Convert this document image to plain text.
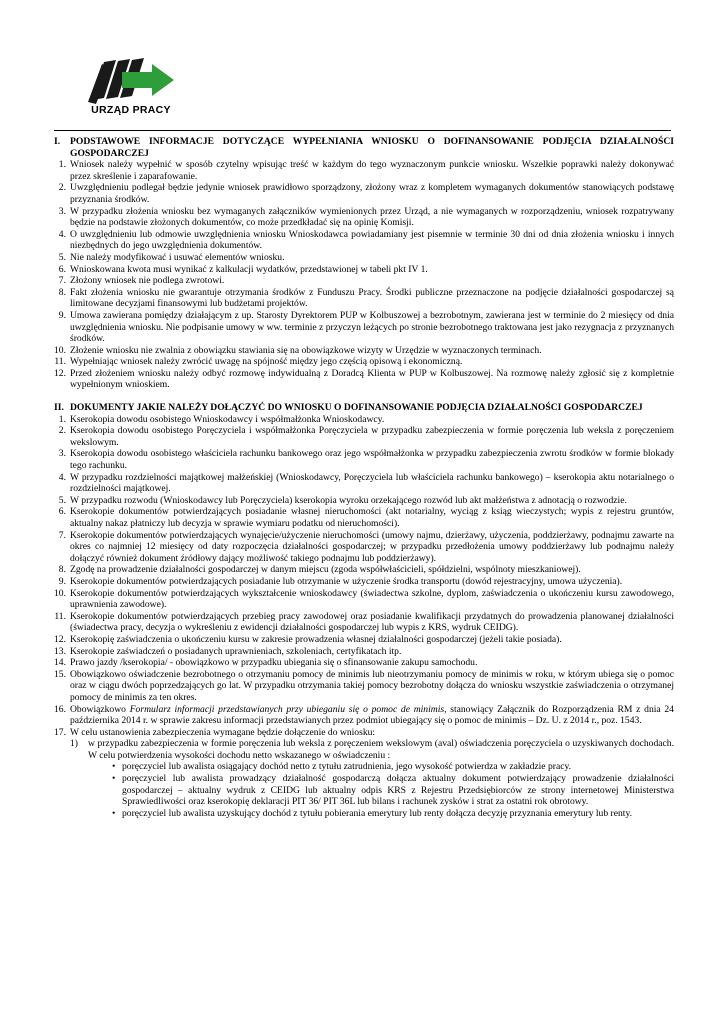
URZĄD PRACY
I. PODSTAWOWE INFORMACJE DOTYCZĄCE WYPEŁNIANIA WNIOSKU O DOFINANSOWANIE PODJĘCIA DZIAŁALNOŚCI GOSPODARCZEJ
1. Wniosek należy wypełnić w sposób czytelny wpisując treść w każdym do tego wyznaczonym punkcie wniosku. Wszelkie poprawki należy dokonywać przez skreślenie i zaparafowanie.
2. Uwzględnieniu podlegał będzie jedynie wniosek prawidłowo sporządzony, złożony wraz z kompletem wymaganych dokumentów stanowiących podstawę przyznania środków.
3. W przypadku złożenia wniosku bez wymaganych załączników wymienionych przez Urząd, a nie wymaganych w rozporządzeniu, wniosek rozpatrywany będzie na podstawie złożonych dokumentów, co może przedkładać się na opinię Komisji.
4. O uwzględnieniu lub odmowie uwzględnienia wniosku Wnioskodawca powiadamiany jest pisemnie w terminie 30 dni od dnia złożenia wniosku i innych niezbędnych do jego uwzględnienia dokumentów.
5. Nie należy modyfikować i usuwać elementów wniosku.
6. Wnioskowana kwota musi wynikać z kalkulacji wydatków, przedstawionej w tabeli pkt IV 1.
7. Złożony wniosek nie podlega zwrotowi.
8. Fakt złożenia wniosku nie gwarantuje otrzymania środków z Funduszu Pracy. Środki publiczne przeznaczone na podjęcie działalności gospodarczej są limitowane decyzjami finansowymi lub budżetami projektów.
9. Umowa zawierana pomiędzy działającym z up. Starosty Dyrektorem PUP w Kolbuszowej a bezrobotnym, zawierana jest w terminie do 2 miesięcy od dnia uwzględnienia wniosku. Nie podpisanie umowy w ww. terminie z przyczyn leżących po stronie bezrobotnego traktowana jest jako rezygnacja z przyznanych środków.
10. Złożenie wniosku nie zwalnia z obowiązku stawiania się na obowiązkowe wizyty w Urzędzie w wyznaczonych terminach.
11. Wypełniając wniosek należy zwrócić uwagę na spójność między jego częścią opisową i ekonomiczną.
12. Przed złożeniem wniosku należy odbyć rozmowę indywidualną z Doradcą Klienta w PUP w Kolbuszowej. Na rozmowę należy zgłosić się z kompletnie wypełnionym wnioskiem.
II. DOKUMENTY JAKIE NALEŻY DOŁĄCZYĆ DO WNIOSKU O DOFINANSOWANIE PODJĘCIA DZIAŁALNOŚCI GOSPODARCZEJ
1. Kserokopia dowodu osobistego Wnioskodawcy i współmałżonka Wnioskodawcy.
2. Kserokopia dowodu osobistego Poręczyciela i współmałżonka Poręczyciela w przypadku zabezpieczenia w formie poręczenia lub weksla z poręczeniem wekslowym.
3. Kserokopia dowodu osobistego właściciela rachunku bankowego oraz jego współmałżonka w przypadku zabezpieczenia zwrotu środków w formie blokady tego rachunku.
4. W przypadku rozdzielności majątkowej małżeńskiej (Wnioskodawcy, Poręczyciela lub właściciela rachunku bankowego) – kserokopia aktu notarialnego o rozdzielności majątkowej.
5. W przypadku rozwodu (Wnioskodawcy lub Poręczyciela) kserokopia wyroku orzekającego rozwód lub akt małżeństwa z adnotacją o rozwodzie.
6. Kserokopie dokumentów potwierdzających posiadanie własnej nieruchomości (akt notarialny, wyciąg z ksiąg wieczystych; wypis z rejestru gruntów, aktualny nakaz płatniczy lub decyzja w sprawie wymiaru podatku od nieruchomości).
7. Kserokopie dokumentów potwierdzających wynajęcie/użyczenie nieruchomości (umowy najmu, dzierżawy, użyczenia, poddzierżawy, podnajmu zawarte na okres co najmniej 12 miesięcy od daty rozpoczęcia działalności gospodarczej; w przypadku przedłożenia umowy poddzierżawy lub podnajmu należy dołączyć również dokument źródłowy dający możliwość takiego podnajmu lub poddzierżawy).
8. Zgodę na prowadzenie działalności gospodarczej w danym miejscu (zgoda współwłaścicieli, spółdzielni, wspólnoty mieszkaniowej).
9. Kserokopie dokumentów potwierdzających posiadanie lub otrzymanie w użyczenie środka transportu (dowód rejestracyjny, umowa użyczenia).
10. Kserokopie dokumentów potwierdzających wykształcenie wnioskodawcy (świadectwa szkolne, dyplom, zaświadczenia o ukończeniu kursu zawodowego, uprawnienia zawodowe).
11. Kserokopie dokumentów potwierdzających przebieg pracy zawodowej oraz posiadanie kwalifikacji przydatnych do prowadzenia planowanej działalności (świadectwa pracy, decyzja o wykreśleniu z ewidencji działalności gospodarczej lub wypis z KRS, wydruk CEIDG).
12. Kserokopię zaświadczenia o ukończeniu kursu w zakresie prowadzenia własnej działalności gospodarczej (jeżeli takie posiada).
13. Kserokopie zaświadczeń o posiadanych uprawnieniach, szkoleniach, certyfikatach itp.
14. Prawo jazdy /kserokopia/ - obowiązkowo w przypadku ubiegania się o sfinansowanie zakupu samochodu.
15. Obowiązkowo oświadczenie bezrobotnego o otrzymaniu pomocy de minimis lub nieotrzymaniu pomocy de minimis w roku, w którym ubiega się o pomoc oraz w ciągu dwóch poprzedzających go lat. W przypadku otrzymania takiej pomocy bezrobotny dołącza do wniosku wszystkie zaświadczenia o otrzymanej pomocy de minimis za ten okres.
16. Obowiązkowo Formularz informacji przedstawianych przy ubieganiu się o pomoc de minimis, stanowiący Załącznik do Rozporządzenia RM z dnia 24 października 2014 r. w sprawie zakresu informacji przedstawianych przez podmiot ubiegający się o pomoc de minimis – Dz. U. z 2014 r., poz. 1543.
17. W celu ustanowienia zabezpieczenia wymagane będzie dołączenie do wniosku:
1) w przypadku zabezpieczenia w formie poręczenia lub weksla z poręczeniem wekslowym (aval) oświadczenia poręczyciela o uzyskiwanych dochodach. W celu potwierdzenia wysokości dochodu netto wskazanego w oświadczeniu :
• poręczyciel lub awalista osiągający dochód netto z tytułu zatrudnienia, jego wysokość potwierdza w zakładzie pracy.
• poręczyciel lub awalista prowadzący działalność gospodarczą dołącza aktualny dokument potwierdzający prowadzenie działalności gospodarczej – aktualny wydruk z CEIDG lub aktualny odpis KRS z Rejestru Przedsiębiorców ze strony internetowej Ministerstwa Sprawiedliwości oraz kserokopię deklaracji PIT 36/ PIT 36L lub bilans i rachunek zysków i strat za ostatni rok obrotowy.
• poręczyciel lub awalista uzyskujący dochód z tytułu pobierania emerytury lub renty dołącza decyzję przyznania emerytury lub renty.
